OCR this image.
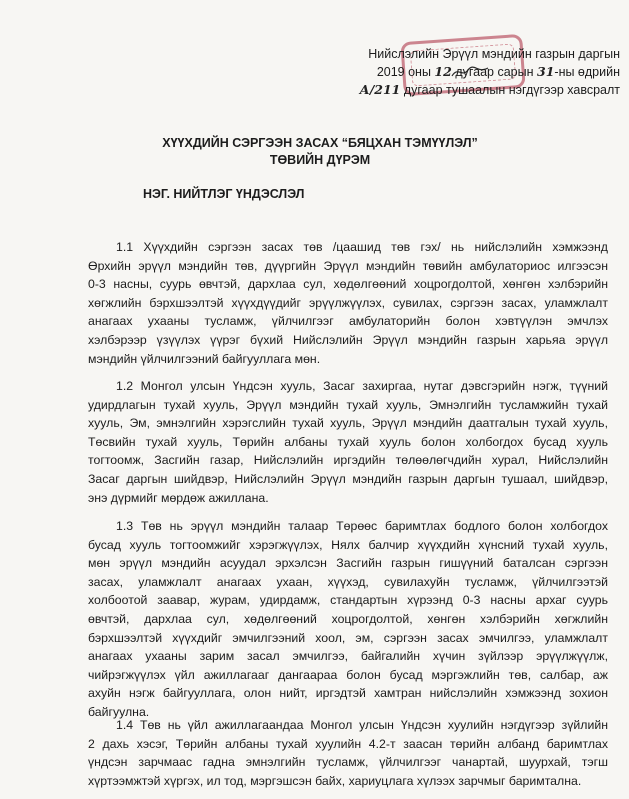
Нийслэлийн Эрүүл мэндийн газрын даргын
2019 оны 12 дугаар сарын 31-ны өдрийн
А/211 дугаар тушаалын нэгдүгээр хавсралт
ХҮҮХДИЙН СЭРГЭЭН ЗАСАХ “БЯЦХАН ТЭМҮҮЛЭЛ”
ТӨВИЙН ДҮРЭМ
НЭГ. НИЙТЛЭГ ҮНДЭСЛЭЛ
1.1 Хүүхдийн сэргээн засах төв /цаашид төв гэх/ нь нийслэлийн хэмжээнд
Өрхийн эрүүл мэндийн төв, дүүргийн Эрүүл мэндийн төвийн амбулаториос илгээсэн
0-3 насны, суурь өвчтэй, дархлаа сул, хөдөлгөөний хоцрогдолтой, хөнгөн хэлбэрийн
хөгжлийн бэрхшээлтэй хүүхдүүдийг эрүүлжүүлэх, сувилах, сэргээн засах, уламжлалт
анагаах ухааны тусламж, үйлчилгээг амбулаторийн болон хэвтүүлэн эмчлэх
хэлбэрээр үзүүлэх үүрэг бүхий Нийслэлийн Эрүүл мэндийн газрын харьяа эрүүл
мэндийн үйлчилгээний байгууллага мөн.
1.2 Монгол улсын Үндсэн хууль, Засаг захиргаа, нутаг дэвсгэрийн нэгж, түүний
удирдлагын тухай хууль, Эрүүл мэндийн тухай хууль, Эмнэлгийн тусламжийн тухай
хууль, Эм, эмнэлгийн хэрэгслийн тухай хууль, Эрүүл мэндийн даатгалын тухай хууль,
Төсвийн тухай хууль, Төрийн албаны тухай хууль болон холбогдох бусад хууль
тогтоомж, Засгийн газар, Нийслэлийн иргэдийн төлөөлөгчдийн хурал, Нийслэлийн
Засаг даргын шийдвэр, Нийслэлийн Эрүүл мэндийн газрын даргын тушаал, шийдвэр,
энэ дүрмийг мөрдөж ажиллана.
1.3 Төв нь эрүүл мэндийн талаар Төрөөс баримтлах бодлого болон холбогдох
бусад хууль тогтоомжийг хэрэгжүүлэх, Нялх балчир хүүхдийн хүнсний тухай хууль,
мөн эрүүл мэндийн асуудал эрхэлсэн Засгийн газрын гишүүний баталсан сэргээн
засах, уламжлалт анагаах ухаан, хүүхэд, сувилахуйн тусламж, үйлчилгээтэй
холбоотой заавар, журам, удирдамж, стандартын хүрээнд 0-3 насны архаг суурь
өвчтэй, дархлаа сул, хөдөлгөөний хоцрогдолтой, хөнгөн хэлбэрийн хөгжлийн
бэрхшээлтэй хүүхдийг эмчилгээний хоол, эм, сэргээн засах эмчилгээ, уламжлалт
анагаах ухааны зарим засал эмчилгээ, байгалийн хүчин зүйлээр эрүүлжүүлж,
чийрэгжүүлэх үйл ажиллагааг дангаараа болон бусад мэргэжлийн төв, салбар, аж
ахуйн нэгж байгууллага, олон нийт, иргэдтэй хамтран нийслэлийн хэмжээнд зохион
байгуулна.
1.4 Төв нь үйл ажиллагаандаа Монгол улсын Үндсэн хуулийн нэгдүгээр зүйлийн
2 дахь хэсэг, Төрийн албаны тухай хуулийн 4.2-т заасан төрийн албанд баримтлах
үндсэн зарчмаас гадна эмнэлгийн тусламж, үйлчилгээг чанартай, шуурхай, тэгш
хүртээмжтэй хүргэх, ил тод, мэргэшсэн байх, хариуцлага хүлээх зарчмыг баримтална.
